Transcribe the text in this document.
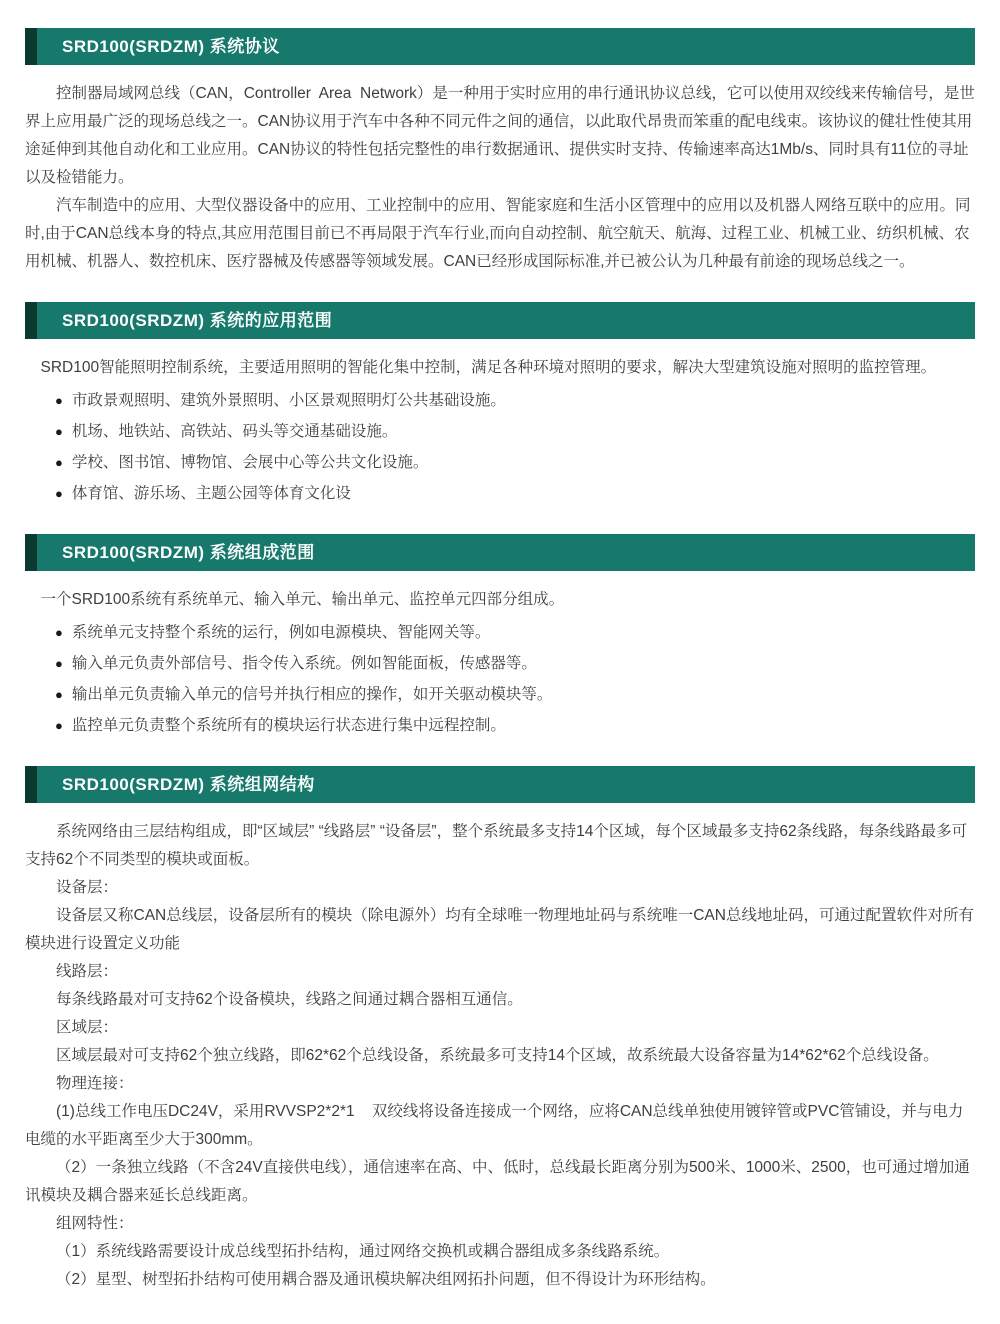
SRD100(SRDZM) 系统协议

控制器局域网总线（CAN，Controller  Area  Network）是一种用于实时应用的串行通讯协议总线，它可以使用双绞线来传输信号，是世界上应用最广泛的现场总线之一。CAN协议用于汽车中各种不同元件之间的通信，以此取代昂贵而笨重的配电线束。该协议的健壮性使其用途延伸到其他自动化和工业应用。CAN协议的特性包括完整性的串行数据通讯、提供实时支持、传输速率高达1Mb/s、同时具有11位的寻址以及检错能力。

汽车制造中的应用、大型仪器设备中的应用、工业控制中的应用、智能家庭和生活小区管理中的应用以及机器人网络互联中的应用。同时,由于CAN总线本身的特点,其应用范围目前已不再局限于汽车行业,而向自动控制、航空航天、航海、过程工业、机械工业、纺织机械、农用机械、机器人、数控机床、医疗器械及传感器等领域发展。CAN已经形成国际标准,并已被公认为几种最有前途的现场总线之一。

SRD100(SRDZM) 系统的应用范围

SRD100智能照明控制系统，主要适用照明的智能化集中控制，满足各种环境对照明的要求，解决大型建筑设施对照明的监控管理。

● 市政景观照明、建筑外景照明、小区景观照明灯公共基础设施。
● 机场、地铁站、高铁站、码头等交通基础设施。
● 学校、图书馆、博物馆、会展中心等公共文化设施。
● 体育馆、游乐场、主题公园等体育文化设
SRD100(SRDZM) 系统组成范围

一个SRD100系统有系统单元、输入单元、输出单元、监控单元四部分组成。

● 系统单元支持整个系统的运行，例如电源模块、智能网关等。
● 输入单元负责外部信号、指令传入系统。例如智能面板，传感器等。
● 输出单元负责输入单元的信号并执行相应的操作，如开关驱动模块等。
● 监控单元负责整个系统所有的模块运行状态进行集中远程控制。
SRD100(SRDZM) 系统组网结构

系统网络由三层结构组成，即“区域层” “线路层” “设备层”，整个系统最多支持14个区域，每个区域最多支持62条线路，每条线路最多可支持62个不同类型的模块或面板。

设备层：

设备层又称CAN总线层，设备层所有的模块（除电源外）均有全球唯一物理地址码与系统唯一CAN总线地址码，可通过配置软件对所有模块进行设置定义功能

线路层：

每条线路最对可支持62个设备模块，线路之间通过耦合器相互通信。

区域层：

区域层最对可支持62个独立线路，即62*62个总线设备，系统最多可支持14个区域，故系统最大设备容量为14*62*62个总线设备。

物理连接：

(1)总线工作电压DC24V，采用RVVSP2*2*1    双绞线将设备连接成一个网络，应将CAN总线单独使用镀锌管或PVC管铺设，并与电力电缆的水平距离至少大于300mm。

（2）一条独立线路（不含24V直接供电线），通信速率在高、中、低时，总线最长距离分别为500米、1000米、2500，也可通过增加通讯模块及耦合器来延长总线距离。

组网特性：

（1）系统线路需要设计成总线型拓扑结构，通过网络交换机或耦合器组成多条线路系统。

（2）星型、树型拓扑结构可使用耦合器及通讯模块解决组网拓扑问题，但不得设计为环形结构。
